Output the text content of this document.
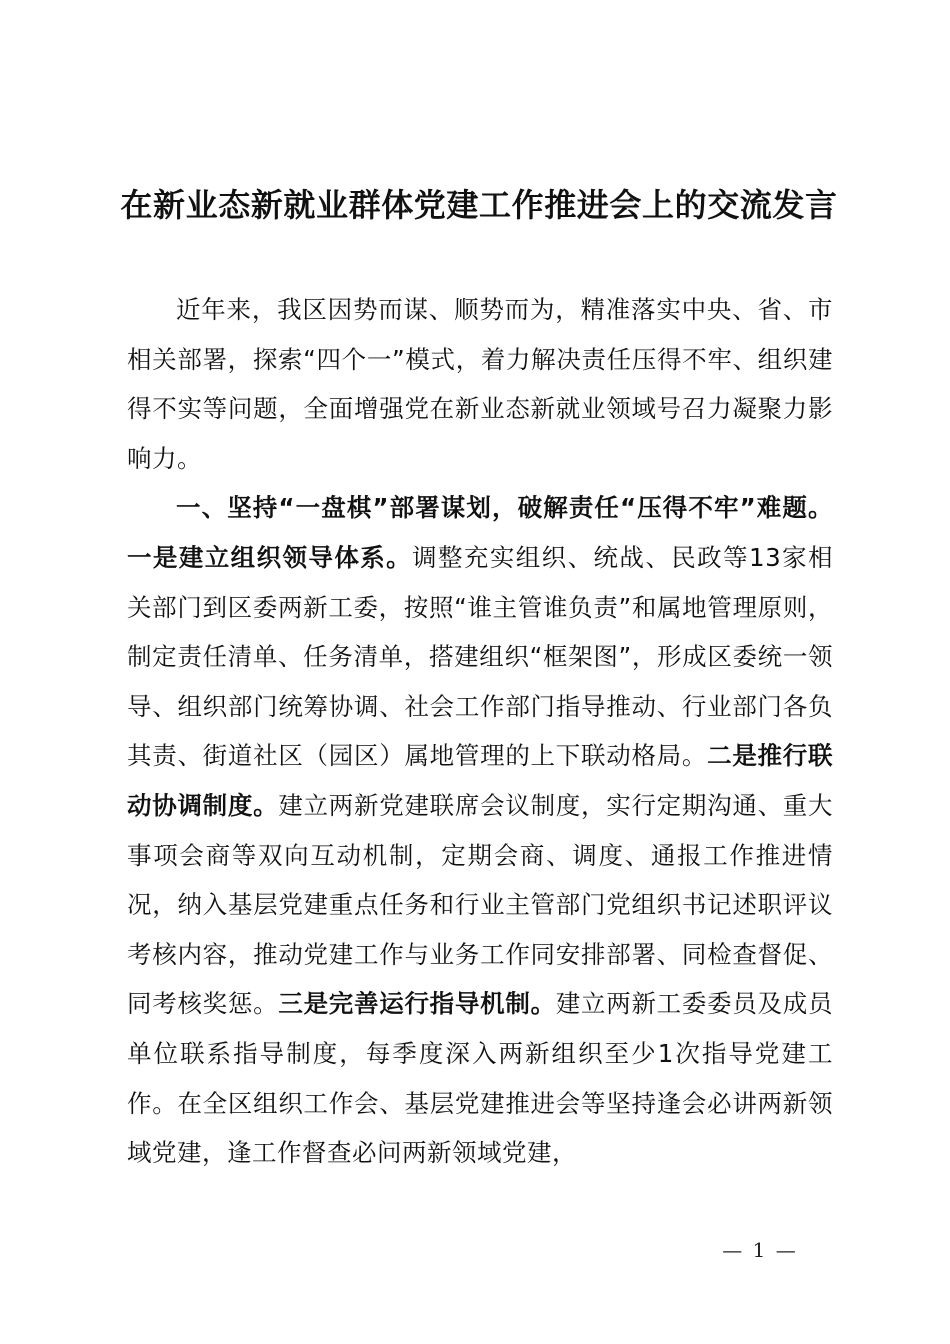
在新业态新就业群体党建工作推进会上的交流发言

近年来，我区因势而谋、顺势而为，精准落实中央、省、市相关部署，探索“四个一”模式，着力解决责任压得不牢、组织建得不实等问题，全面增强党在新业态新就业领域号召力凝聚力影响力。

一、坚持“一盘棋”部署谋划，破解责任“压得不牢”难题。一是建立组织领导体系。调整充实组织、统战、民政等13家相关部门到区委两新工委，按照“谁主管谁负责”和属地管理原则，制定责任清单、任务清单，搭建组织“框架图”，形成区委统一领导、组织部门统筹协调、社会工作部门指导推动、行业部门各负其责、街道社区（园区）属地管理的上下联动格局。二是推行联动协调制度。建立两新党建联席会议制度，实行定期沟通、重大事项会商等双向互动机制，定期会商、调度、通报工作推进情况，纳入基层党建重点任务和行业主管部门党组织书记述职评议考核内容，推动党建工作与业务工作同安排部署、同检查督促、同考核奖惩。三是完善运行指导机制。建立两新工委委员及成员单位联系指导制度，每季度深入两新组织至少1次指导党建工作。在全区组织工作会、基层党建推进会等坚持逢会必讲两新领域党建，逢工作督查必问两新领域党建，

— 1 —
